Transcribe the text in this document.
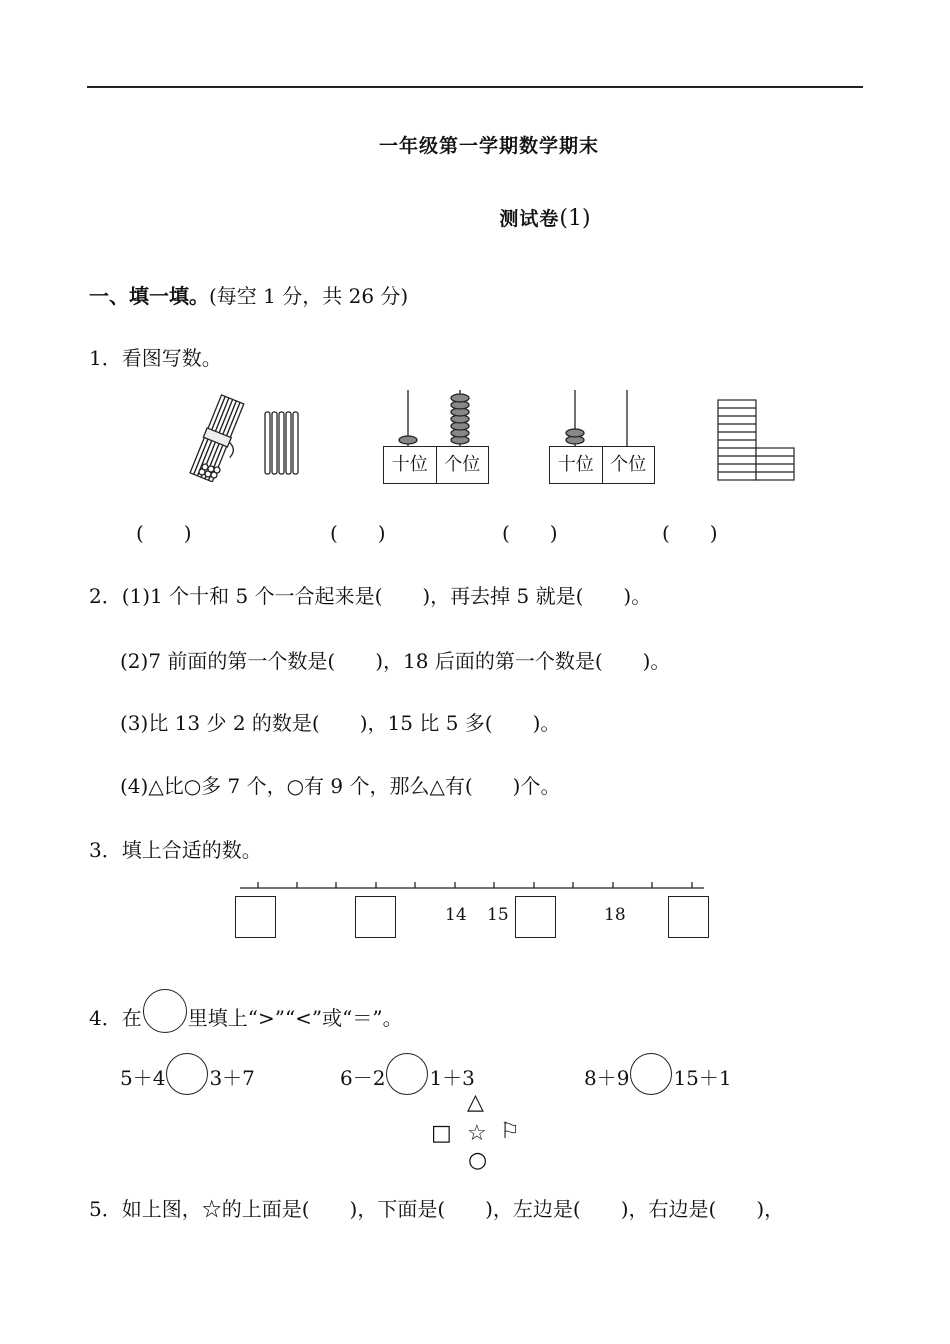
一年级第一学期数学期末
测试卷(1)
一、填一填。(每空 1 分，共 26 分)
1．看图写数。
十位 个位	十位 个位
(　　)	(　　)	(　　)	(　　)
2．(1)1 个十和 5 个一合起来是(　　)，再去掉 5 就是(　　)。
(2)7 前面的第一个数是(　　)，18 后面的第一个数是(　　)。
(3)比 13 少 2 的数是(　　)，15 比 5 多(　　)。
(4)△比○多 7 个，○有 9 个，那么△有(　　)个。
3．填上合适的数。
14 15	18
4．在 里填上“>”“<”或“＝”。
5＋4 3＋7	6－2 1＋3	8＋9 15＋1
△
□ ☆ ⚐
○
5．如上图，☆的上面是(　　)，下面是(　　)，左边是(　　)，右边是(　　)，
